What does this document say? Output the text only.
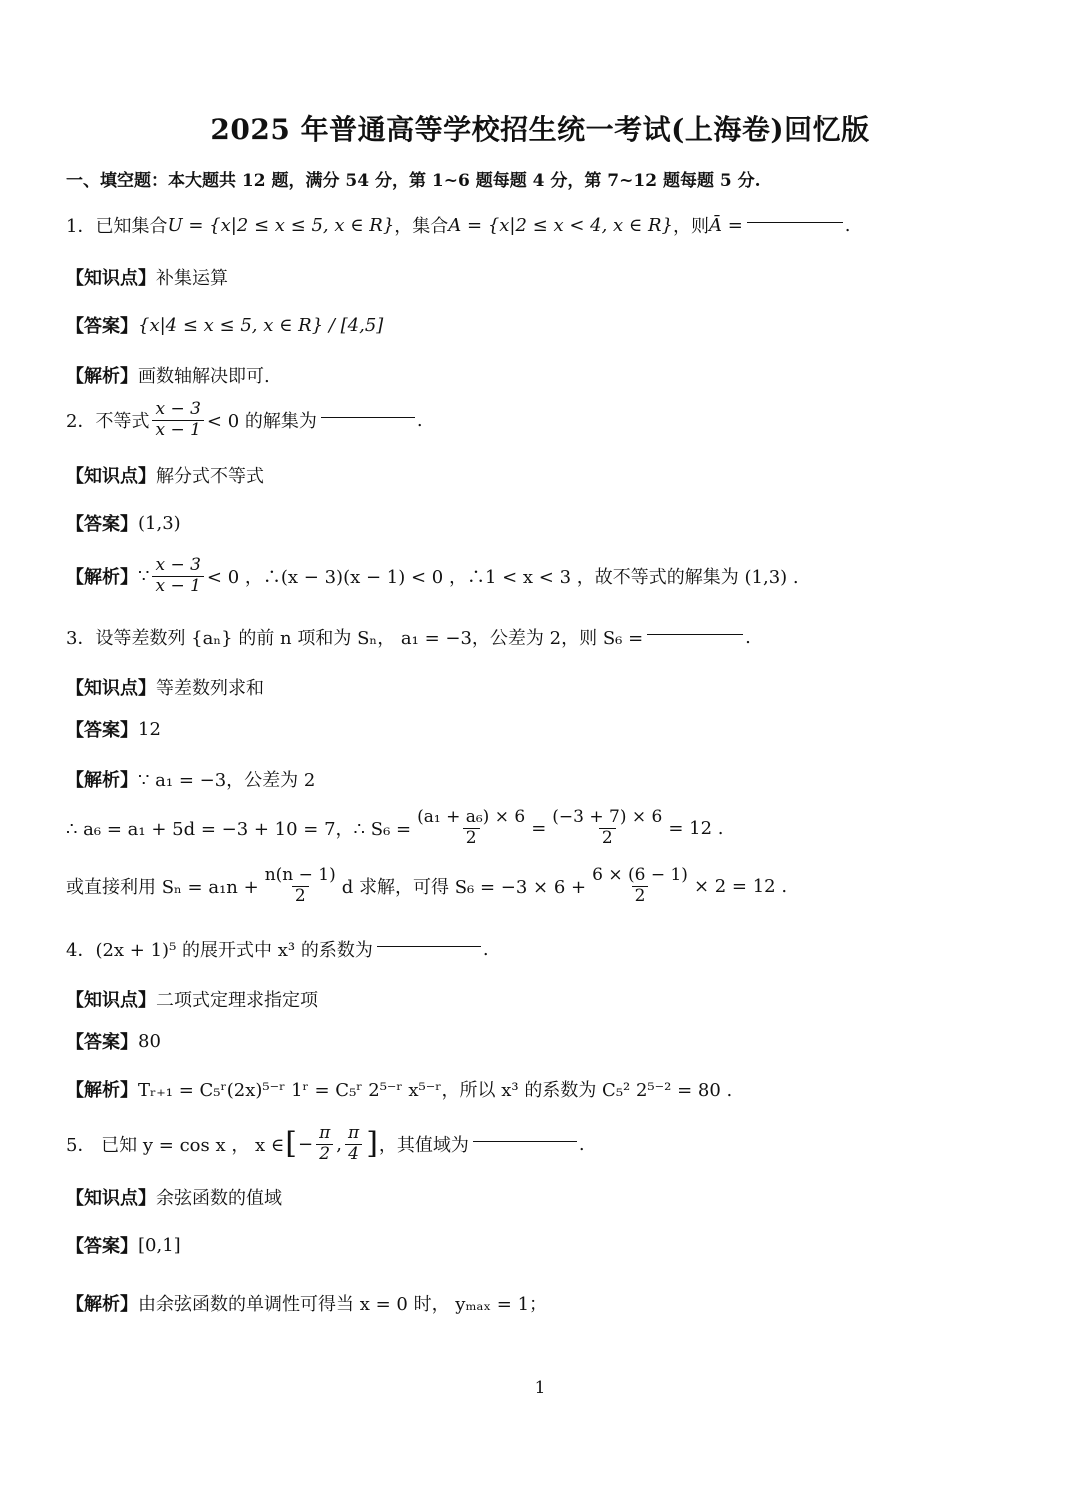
2025 年普通高等学校招生统一考试(上海卷)回忆版
一、填空题：本大题共 12 题，满分 54 分，第 1~6 题每题 4 分，第 7~12 题每题 5 分.
1．已知集合 U = {x|2 ≤ x ≤ 5, x ∈ R} ，集合 A = {x|2 ≤ x < 4, x ∈ R} ，则 Ā =	.
【知识点】 补集运算
【答案】 {x|4 ≤ x ≤ 5, x ∈ R} / [4,5]
【解析】 画数轴解决即可.
2．不等式 $\frac{x - 3}{x - 1} < 0$ 的解集为	.
【知识点】 解分式不等式
【答案】 (1,3)
【解析】 ∵ $\frac{x - 3}{x - 1} < 0$ ，∴(x − 3)(x − 1) < 0 ，∴1 < x < 3 ，故不等式的解集为 (1,3) .
3．设等差数列 {aₙ} 的前 n 项和为 Sₙ， a₁ = −3，公差为 2，则 S₆ =	.
【知识点】 等差数列求和
【答案】 12
【解析】 ∵ a₁ = −3，公差为 2
∴ a₆ = a₁ + 5d = −3 + 10 = 7，∴ $S_6 = \frac{\text{(a₁ + a₆) × 6}}{2} = \frac{(-3 + 7) \times 6}{2} = 12$ .
或直接利用 $S_n = a_1n + \frac{n(n - 1)}{2}$ d 求解，可得 $S_6 = -3 \times 6 + \frac{6 \times (6 - 1)}{2} \times 2 = 12$ .
4． (2x + 1)⁵ 的展开式中 x³ 的系数为	.
【知识点】 二项式定理求指定项
【答案】 80
【解析】 Tᵣ₊₁ = C₅ʳ(2x)⁵⁻ʳ 1ʳ = C₅ʳ 2⁵⁻ʳ x⁵⁻ʳ，所以 x³ 的系数为 C₅² 2⁵⁻² = 80 .
5． 已知 y = cos x ， x ∈ [ − $\frac{\pi}{2}$ , $\frac{\pi}{4}$ ] ，其值域为	.
【知识点】 余弦函数的值域
【答案】 [0,1]
【解析】 由余弦函数的单调性可得当 x = 0 时， yₘₐₓ = 1；
1
